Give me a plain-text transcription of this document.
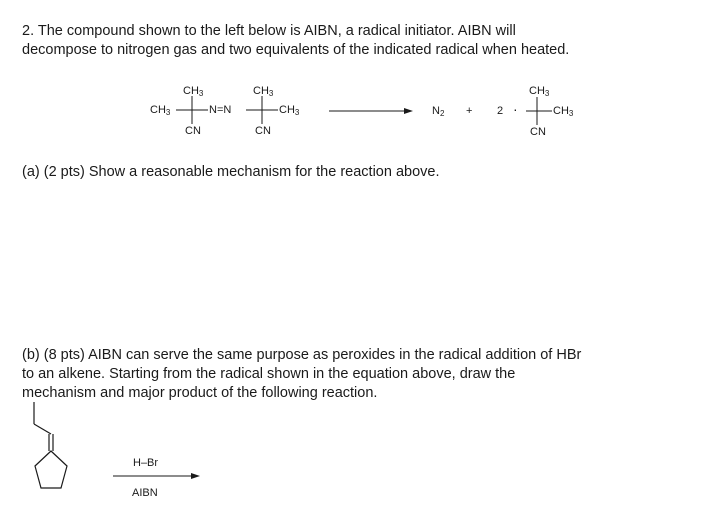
2. The compound shown to the left below is AIBN, a radical initiator. AIBN will
decompose to nitrogen gas and two equivalents of the indicated radical when heated.
$CH_3$	$CH_3$
$CH_3$	N=N	$CH_3$
CN	CN
$N_2 + 2$ ·
$CH_3$
$CH_3$
CN
(a) (2 pts) Show a reasonable mechanism for the reaction above.
(b) (8 pts) AIBN can serve the same purpose as peroxides in the radical addition of HBr
to an alkene. Starting from the radical shown in the equation above, draw the
mechanism and major product of the following reaction.
H–Br
AIBN
